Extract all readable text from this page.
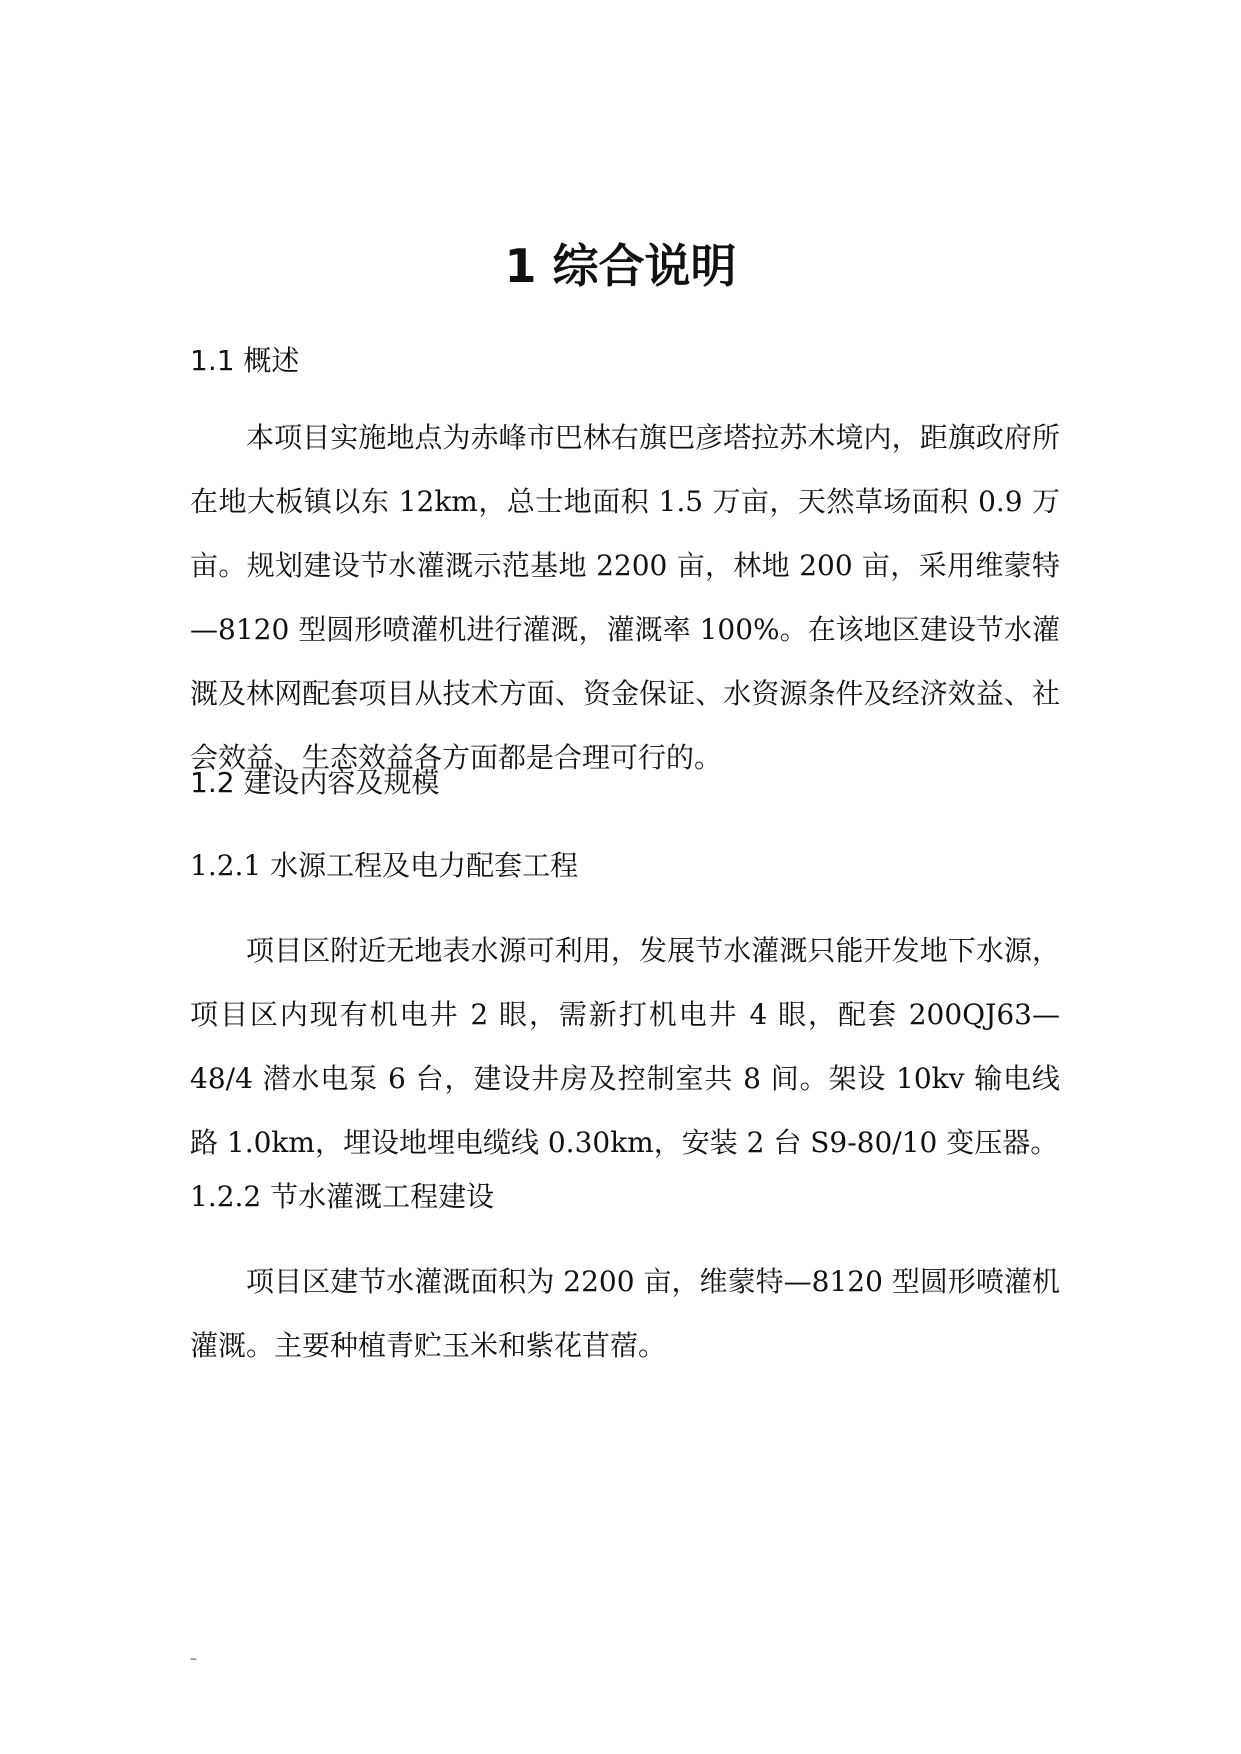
1 综合说明
1.1 概述

本项目实施地点为赤峰市巴林右旗巴彦塔拉苏木境内，距旗政府所在地大板镇以东 12km，总士地面积 1.5 万亩，天然草场面积 0.9 万亩。规划建设节水灌溉示范基地 2200 亩，林地 200 亩，采用维蒙特—8120 型圆形喷灌机进行灌溉，灌溉率 100%。在该地区建设节水灌溉及林网配套项目从技术方面、资金保证、水资源条件及经济效益、社会效益、生态效益各方面都是合理可行的。

1.2 建设内容及规模
1.2.1 水源工程及电力配套工程

项目区附近无地表水源可利用，发展节水灌溉只能开发地下水源，项目区内现有机电井 2 眼，需新打机电井 4 眼，配套 200QJ63—48/4 潜水电泵 6 台，建设井房及控制室共 8 间。架设 10kv 输电线路 1.0km，埋设地埋电缆线 0.30km，安装 2 台 S9-80/10 变压器。

1.2.2 节水灌溉工程建设

项目区建节水灌溉面积为 2200 亩，维蒙特—8120 型圆形喷灌机灌溉。主要种植青贮玉米和紫花苜蓿。

–
